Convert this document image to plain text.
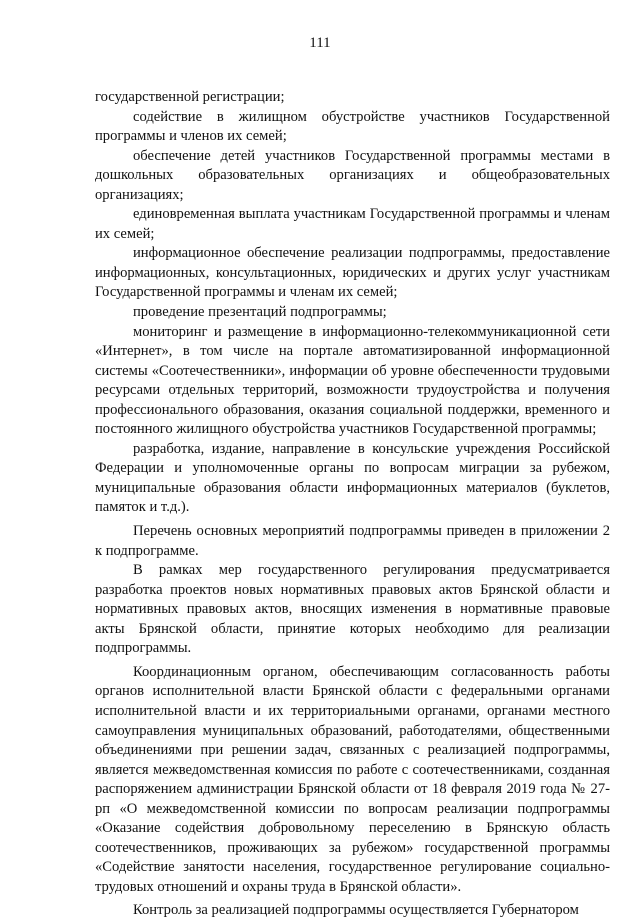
111

государственной регистрации;

содействие в жилищном обустройстве участников Государственной программы и членов их семей;

обеспечение детей участников Государственной программы местами в дошкольных образовательных организациях и общеобразовательных организациях;

единовременная выплата участникам Государственной программы и членам их семей;

информационное обеспечение реализации подпрограммы, предоставление информационных, консультационных, юридических и других услуг участникам Государственной программы и членам их семей;

проведение презентаций подпрограммы;

мониторинг и размещение в информационно-телекоммуникационной сети «Интернет», в том числе на портале автоматизированной информационной системы «Соотечественники», информации об уровне обеспеченности трудовыми ресурсами отдельных территорий, возможности трудоустройства и получения профессионального образования, оказания социальной поддержки, временного и постоянного жилищного обустройства участников Государственной программы;

разработка, издание, направление в консульские учреждения Российской Федерации и уполномоченные органы по вопросам миграции за рубежом, муниципальные образования области информационных материалов (буклетов, памяток и т.д.).

Перечень основных мероприятий подпрограммы приведен в приложении 2 к подпрограмме.

В рамках мер государственного регулирования предусматривается разработка проектов новых нормативных правовых актов Брянской области и нормативных правовых актов, вносящих изменения в нормативные правовые акты Брянской области, принятие которых необходимо для реализации подпрограммы.

Координационным органом, обеспечивающим согласованность работы органов исполнительной власти Брянской области с федеральными органами исполнительной власти и их территориальными органами, органами местного самоуправления муниципальных образований, работодателями, общественными объединениями при решении задач, связанных с реализацией подпрограммы, является межведомственная комиссия по работе с соотечественниками, созданная распоряжением администрации Брянской области от 18 февраля 2019 года № 27-рп «О межведомственной комиссии по вопросам реализации подпрограммы «Оказание содействия добровольному переселению в Брянскую область соотечественников, проживающих за рубежом» государственной программы «Содействие занятости населения, государственное регулирование социально-трудовых отношений и охраны труда в Брянской области».

Контроль за реализацией подпрограммы осуществляется Губернатором
